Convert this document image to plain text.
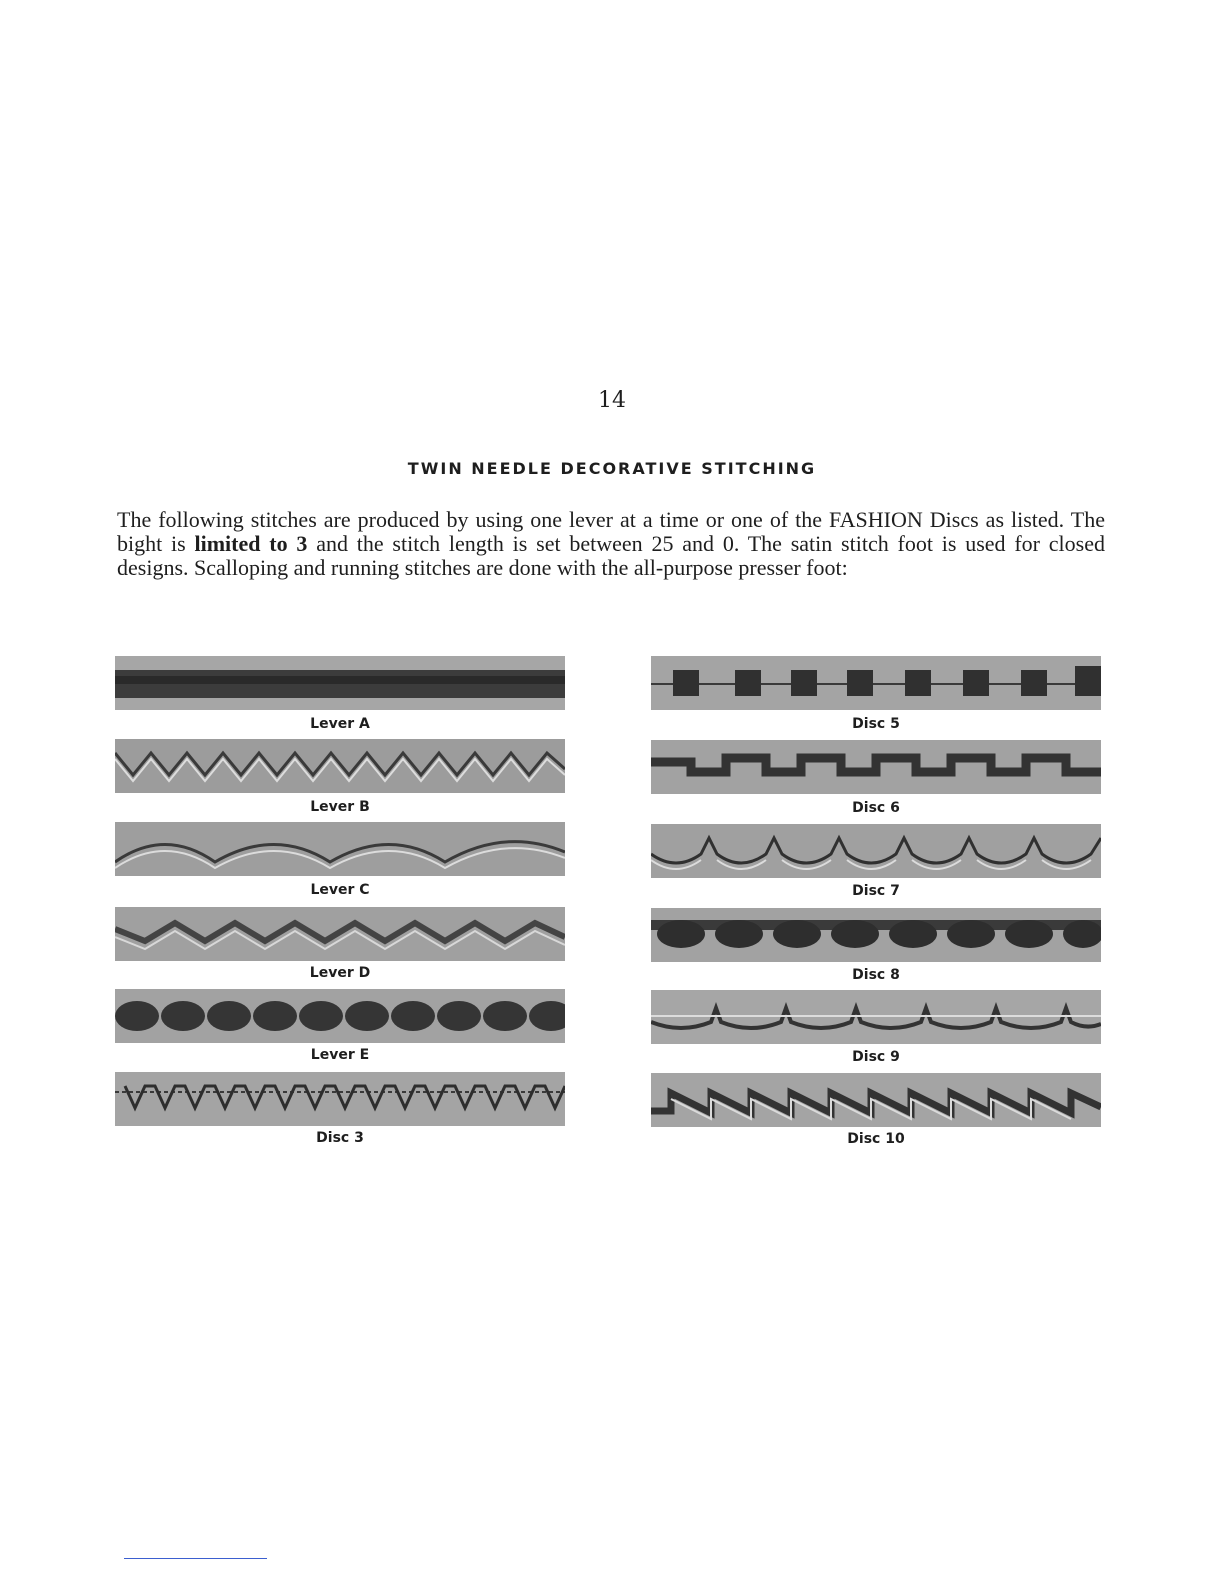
14
TWIN NEEDLE DECORATIVE STITCHING

The following stitches are produced by using one lever at a time or one of the FASHION Discs as listed. The bight is limited to 3 and the stitch length is set between 25 and 0. The satin stitch foot is used for closed designs. Scalloping and running stitches are done with the all-purpose presser foot:

Lever A
Lever B
Lever C
Lever D
Lever E
Disc 3
Disc 5
Disc 6
Disc 7
Disc 8
Disc 9
Disc 10
